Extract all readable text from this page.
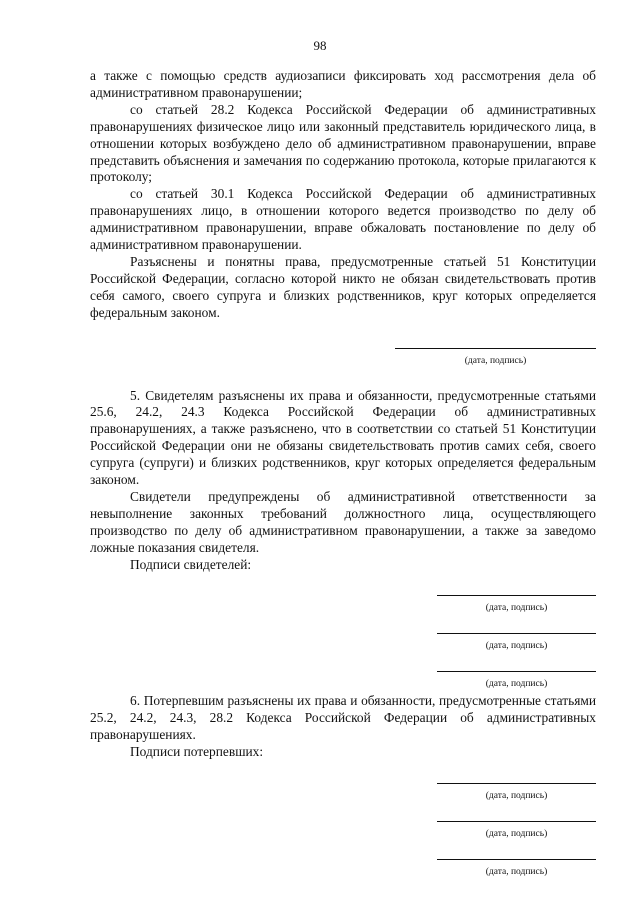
98

а также с помощью средств аудиозаписи фиксировать ход рассмотрения дела об административном правонарушении;

со статьей 28.2 Кодекса Российской Федерации об административных правонарушениях физическое лицо или законный представитель юридического лица, в отношении которых возбуждено дело об административном правонарушении, вправе представить объяснения и замечания по содержанию протокола, которые прилагаются к протоколу;

со статьей 30.1 Кодекса Российской Федерации об административных правонарушениях лицо, в отношении которого ведется производство по делу об административном правонарушении, вправе обжаловать постановление по делу об административном правонарушении.

Разъяснены и понятны права, предусмотренные статьей 51 Конституции Российской Федерации, согласно которой никто не обязан свидетельствовать против себя самого, своего супруга и близких родственников, круг которых определяется федеральным законом.

(дата, подпись)

5. Свидетелям разъяснены их права и обязанности, предусмотренные статьями 25.6, 24.2, 24.3 Кодекса Российской Федерации об административных правонарушениях, а также разъяснено, что в соответствии со статьей 51 Конституции Российской Федерации они не обязаны свидетельствовать против самих себя, своего супруга (супруги) и близких родственников, круг которых определяется федеральным законом.

Свидетели предупреждены об административной ответственности за невыполнение законных требований должностного лица, осуществляющего производство по делу об административном правонарушении, а также за заведомо ложные показания свидетеля.

Подписи свидетелей:

(дата, подпись)
(дата, подпись)
(дата, подпись)

6. Потерпевшим разъяснены их права и обязанности, предусмотренные статьями 25.2, 24.2, 24.3, 28.2 Кодекса Российской Федерации об административных правонарушениях.

Подписи потерпевших:

(дата, подпись)
(дата, подпись)
(дата, подпись)
